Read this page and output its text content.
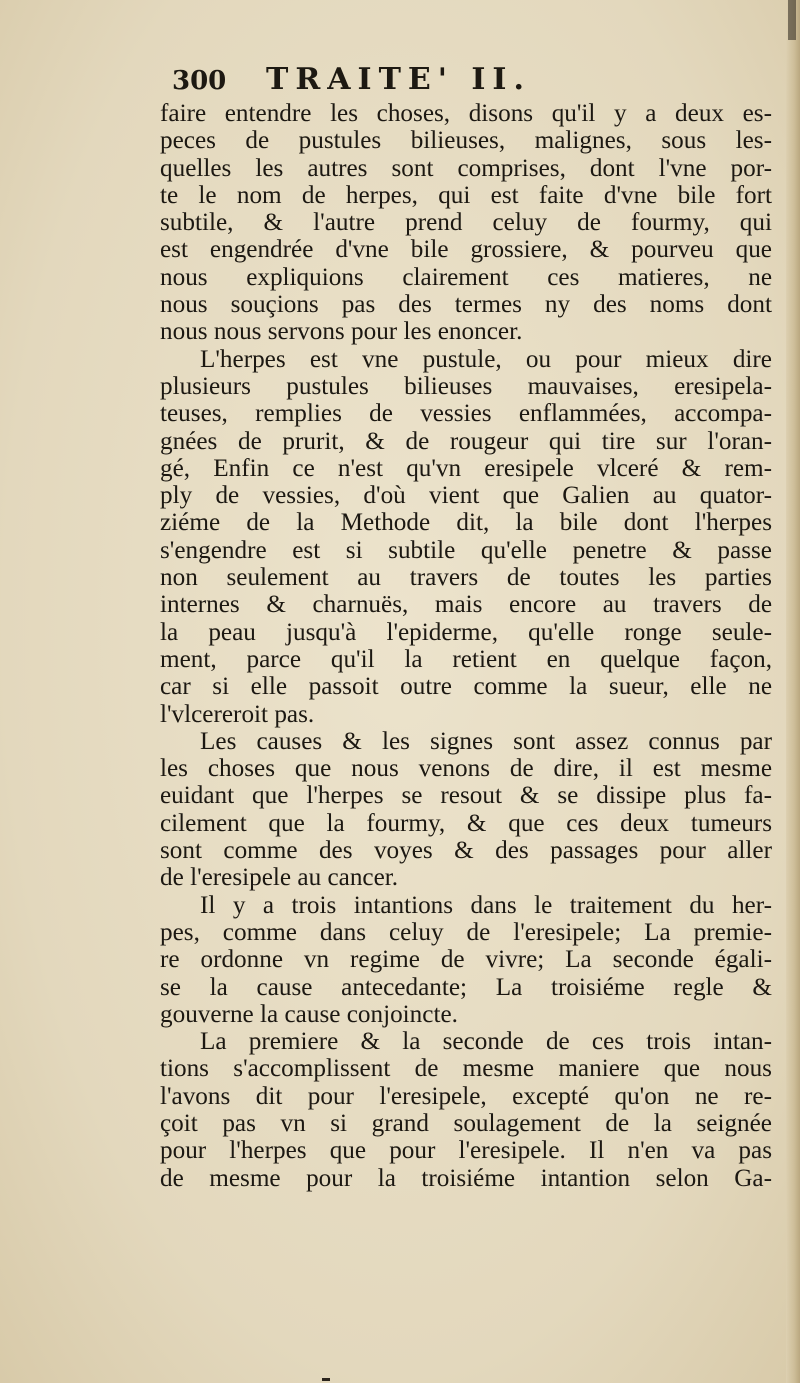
300 TRAITE' II.
faire entendre les choses, disons qu'il y a deux es-
peces de pustules bilieuses, malignes, sous les-
quelles les autres sont comprises, dont l'vne por-
te le nom de herpes, qui est faite d'vne bile fort
subtile, & l'autre prend celuy de fourmy, qui
est engendrée d'vne bile grossiere, & pourveu que
nous expliquions clairement ces matieres, ne
nous souçions pas des termes ny des noms dont
nous nous servons pour les enoncer.
L'herpes est vne pustule, ou pour mieux dire
plusieurs pustules bilieuses mauvaises, eresipela-
teuses, remplies de vessies enflammées, accompa-
gnées de prurit, & de rougeur qui tire sur l'oran-
gé, Enfin ce n'est qu'vn eresipele vlceré & rem-
ply de vessies, d'où vient que Galien au quator-
ziéme de la Methode dit, la bile dont l'herpes
s'engendre est si subtile qu'elle penetre & passe
non seulement au travers de toutes les parties
internes & charnuës, mais encore au travers de
la peau jusqu'à l'epiderme, qu'elle ronge seule-
ment, parce qu'il la retient en quelque façon,
car si elle passoit outre comme la sueur, elle ne
l'vlcereroit pas.
Les causes & les signes sont assez connus par
les choses que nous venons de dire, il est mesme
euidant que l'herpes se resout & se dissipe plus fa-
cilement que la fourmy, & que ces deux tumeurs
sont comme des voyes & des passages pour aller
de l'eresipele au cancer.
Il y a trois intantions dans le traitement du her-
pes, comme dans celuy de l'eresipele; La premie-
re ordonne vn regime de vivre; La seconde égali-
se la cause antecedante; La troisiéme regle &
gouverne la cause conjoincte.
La premiere & la seconde de ces trois intan-
tions s'accomplissent de mesme maniere que nous
l'avons dit pour l'eresipele, excepté qu'on ne re-
çoit pas vn si grand soulagement de la seignée
pour l'herpes que pour l'eresipele. Il n'en va pas
de mesme pour la troisiéme intantion selon Ga-
